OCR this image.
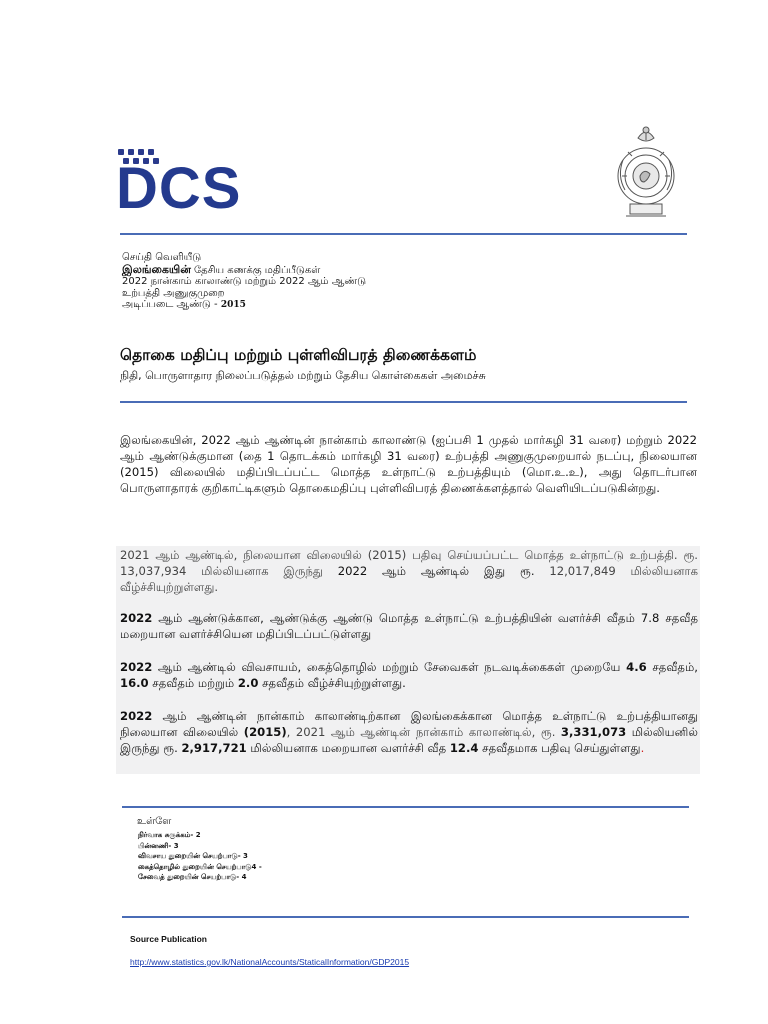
DCS
செய்தி வெளியீடு
இலங்கையின் தேசிய கணக்கு மதிப்பீடுகள்
2022 நான்காம் காலாண்டு மற்றும் 2022 ஆம் ஆண்டு
உற்பத்தி அணுகுமுறை
அடிப்படை ஆண்டு - 2015
தொகை மதிப்பு மற்றும் புள்ளிவிபரத் திணைக்களம்
நிதி, பொருளாதார நிலைப்படுத்தல் மற்றும் தேசிய கொள்கைகள் அமைச்சு
இலங்கையின், 2022 ஆம் ஆண்டின் நான்காம் காலாண்டு (ஐப்பசி 1 முதல் மார்கழி 31 வரை) மற்றும் 2022 ஆம் ஆண்டுக்குமான (தை 1 தொடக்கம் மார்கழி 31 வரை) உற்பத்தி அணுகுமுறையால் நடப்பு, நிலையான (2015) விலையில் மதிப்பிடப்பட்ட மொத்த உள்நாட்டு உற்பத்தியும் (மொ.உ.உ), அது தொடர்பான பொருளாதாரக் குறிகாட்டிகளும் தொகைமதிப்பு புள்ளிவிபரத் திணைக்களத்தால் வெளியிடப்படுகின்றது.
2021 ஆம் ஆண்டில், நிலையான விலையில் (2015) பதிவு செய்யப்பட்ட மொத்த உள்நாட்டு உற்பத்தி. ரூ. 13,037,934 மில்லியனாக இருந்து 2022 ஆம் ஆண்டில் இது ரூ. 12,017,849 மில்லியனாக வீழ்ச்சியுற்றுள்ளது.
2022 ஆம் ஆண்டுக்கான, ஆண்டுக்கு ஆண்டு மொத்த உள்நாட்டு உற்பத்தியின் வளர்ச்சி வீதம் 7.8 சதவீத மறையான வளர்ச்சியென மதிப்பிடப்பட்டுள்ளது
2022 ஆம் ஆண்டில் விவசாயம், கைத்தொழில் மற்றும் சேவைகள் நடவடிக்கைகள் முறையே 4.6 சதவீதம், 16.0 சதவீதம் மற்றும் 2.0 சதவீதம் வீழ்ச்சியுற்றுள்ளது.
2022 ஆம் ஆண்டின் நான்காம் காலாண்டிற்கான இலங்கைக்கான மொத்த உள்நாட்டு உற்பத்தியானது நிலையான விலையில் (2015), 2021 ஆம் ஆண்டின் நான்காம் காலாண்டில், ரூ. 3,331,073 மில்லியனில் இருந்து ரூ. 2,917,721 மில்லியனாக மறையான வளர்ச்சி வீத 12.4 சதவீதமாக பதிவு செய்துள்ளது.
உள்ளே
நிர்வாக சுருக்கம்- 2
பின்னணி- 3
விவசாய துறையின் செயற்பாடு- 3
கைத்தொழில் துறையின் செயற்பாடு4 -
சேவைத் துறையின் செயற்பாடு- 4
Source Publication
http://www.statistics.gov.lk/NationalAccounts/StaticalInformation/GDP2015
